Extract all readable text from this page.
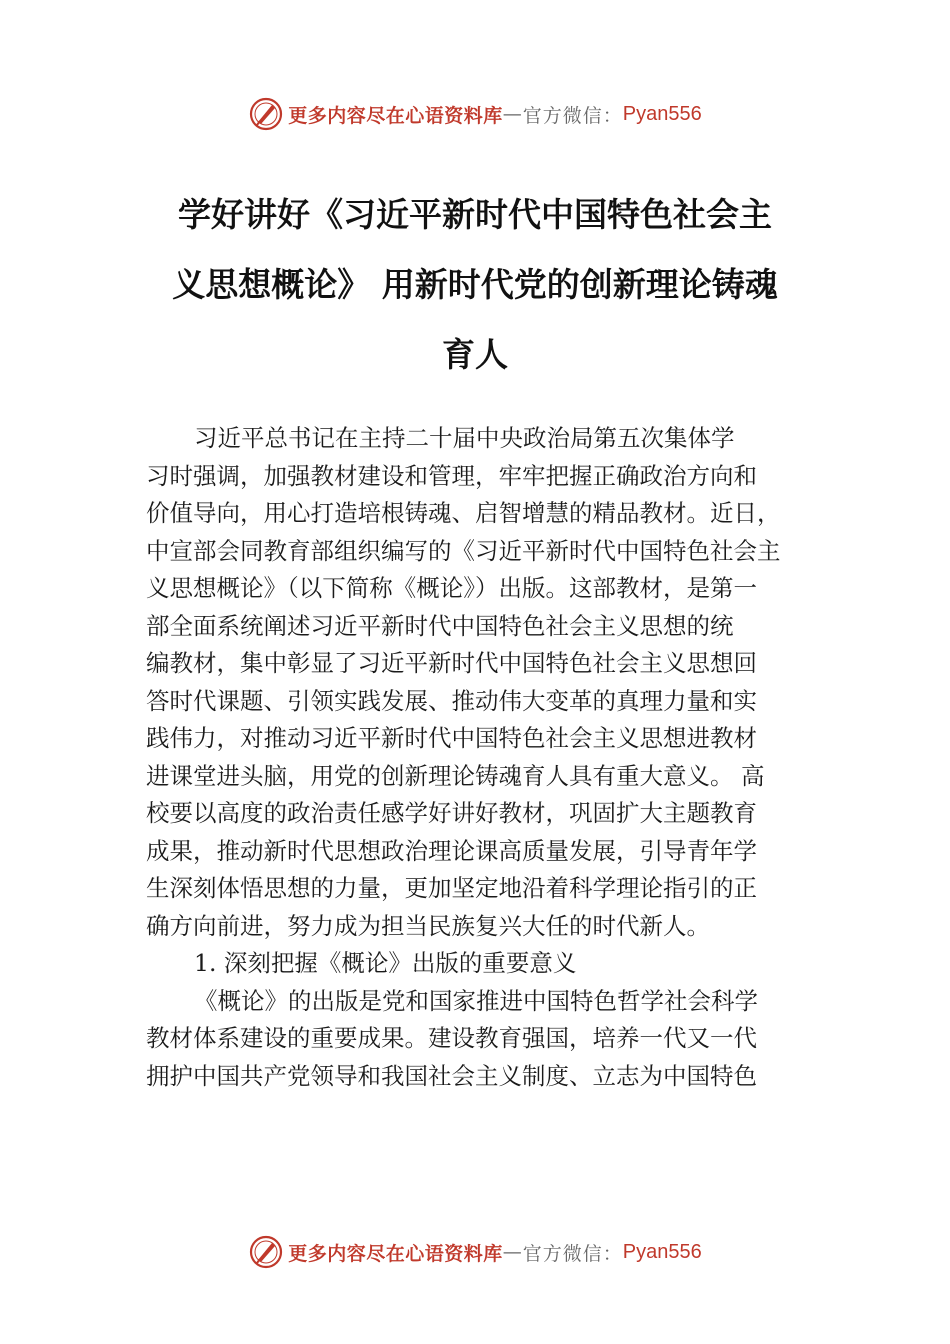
更多内容尽在心语资料库 — 官方微信： Pyan556
学好讲好《习近平新时代中国特色社会主
义思想概论》 用新时代党的创新理论铸魂
育人
习近平总书记在主持二十届中央政治局第五次集体学
习时强调，加强教材建设和管理，牢牢把握正确政治方向和
价值导向，用心打造培根铸魂、启智增慧的精品教材。近日，
中宣部会同教育部组织编写的《习近平新时代中国特色社会主
义思想概论》（以下简称《概论》）出版。这部教材，是第一
部全面系统阐述习近平新时代中国特色社会主义思想的统
编教材，集中彰显了习近平新时代中国特色社会主义思想回
答时代课题、引领实践发展、推动伟大变革的真理力量和实
践伟力，对推动习近平新时代中国特色社会主义思想进教材
进课堂进头脑，用党的创新理论铸魂育人具有重大意义。 高
校要以高度的政治责任感学好讲好教材，巩固扩大主题教育
成果，推动新时代思想政治理论课高质量发展，引导青年学
生深刻体悟思想的力量，更加坚定地沿着科学理论指引的正
确方向前进，努力成为担当民族复兴大任的时代新人。
1. 深刻把握《概论》出版的重要意义
《概论》的出版是党和国家推进中国特色哲学社会科学
教材体系建设的重要成果。建设教育强国，培养一代又一代
拥护中国共产党领导和我国社会主义制度、立志为中国特色
更多内容尽在心语资料库 — 官方微信： Pyan556
